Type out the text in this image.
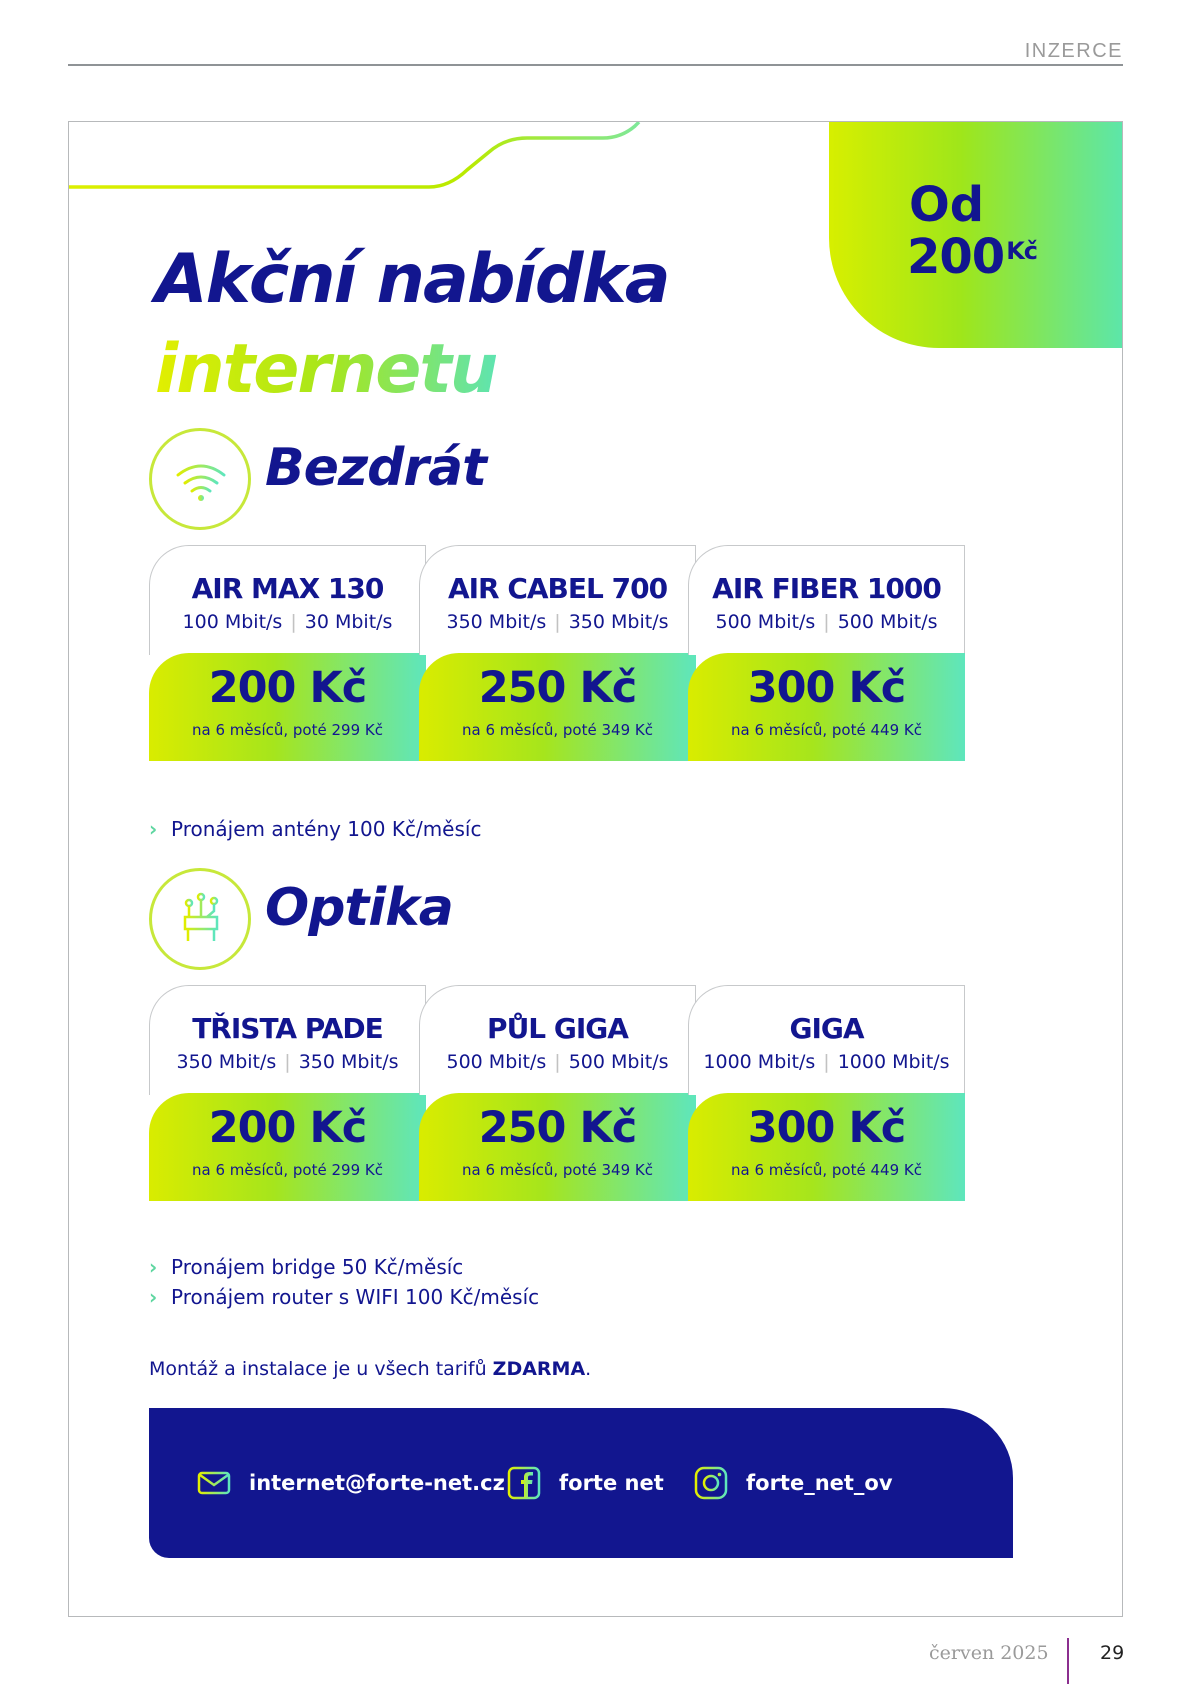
INZERCE
Od
$200^{Kč}$
Akční nabídka
internetu
Bezdrát
AIR MAX 130
100 Mbit/s | 30 Mbit/s
200 Kč
na 6 měsíců, poté 299 Kč
AIR CABEL 700
350 Mbit/s | 350 Mbit/s
250 Kč
na 6 měsíců, poté 349 Kč
AIR FIBER 1000
500 Mbit/s | 500 Mbit/s
300 Kč
na 6 měsíců, poté 449 Kč
› Pronájem antény 100 Kč/měsíc
Optika
TŘISTA PADE
350 Mbit/s | 350 Mbit/s
200 Kč
na 6 měsíců, poté 299 Kč
PŮL GIGA
500 Mbit/s | 500 Mbit/s
250 Kč
na 6 měsíců, poté 349 Kč
GIGA
1000 Mbit/s | 1000 Mbit/s
300 Kč
na 6 měsíců, poté 449 Kč
› Pronájem bridge 50 Kč/měsíc
› Pronájem router s WIFI 100 Kč/měsíc
Montáž a instalace je u všech tarifů ZDARMA.
internet@forte-net.cz	forte net	forte_net_ov
červen 2025	29
